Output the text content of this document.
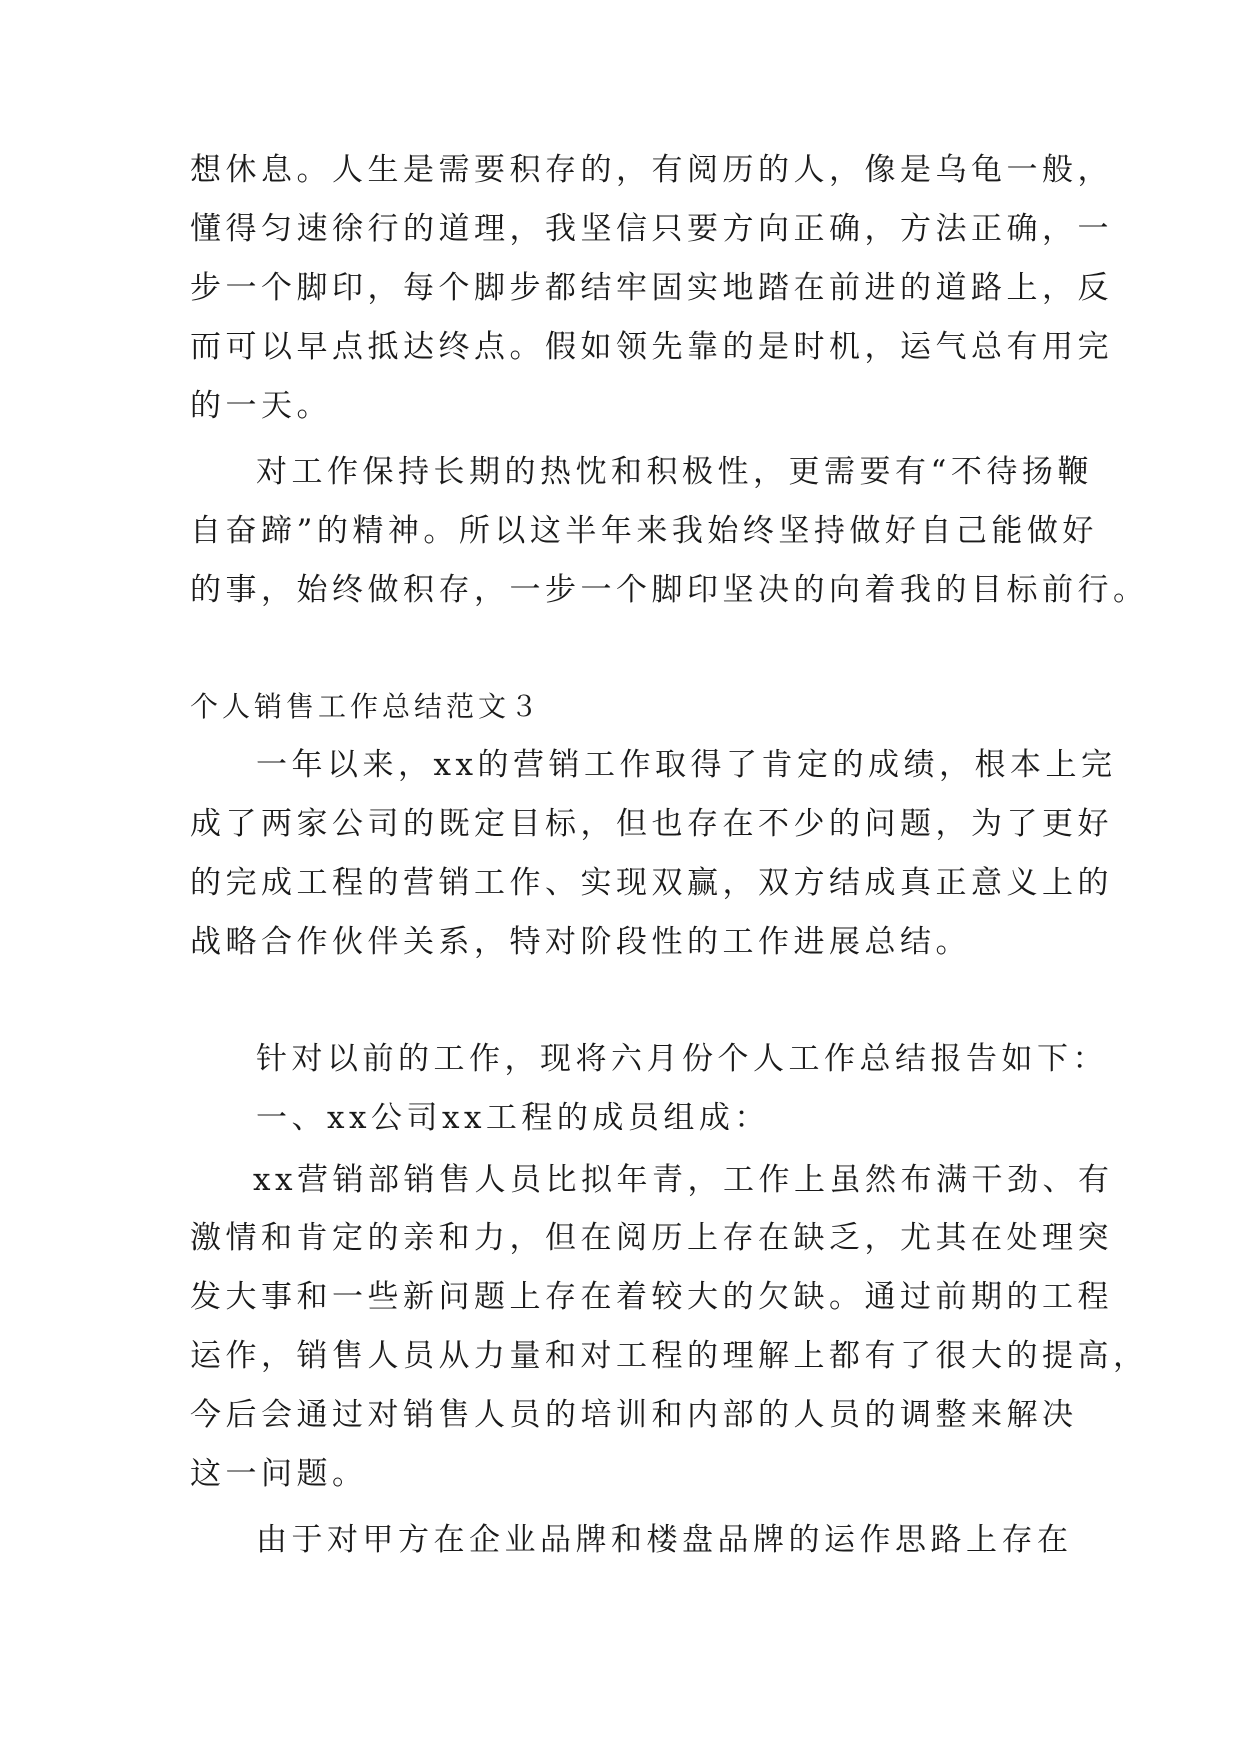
想休息。人生是需要积存的，有阅历的人，像是乌龟一般，
懂得匀速徐行的道理，我坚信只要方向正确，方法正确，一
步一个脚印，每个脚步都结牢固实地踏在前进的道路上，反
而可以早点抵达终点。假如领先靠的是时机，运气总有用完
的一天。
对工作保持长期的热忱和积极性，更需要有“不待扬鞭
自奋蹄”的精神。所以这半年来我始终坚持做好自己能做好
的事，始终做积存，一步一个脚印坚决的向着我的目标前行。
个人销售工作总结范文３
一年以来，xx的营销工作取得了肯定的成绩，根本上完
成了两家公司的既定目标，但也存在不少的问题，为了更好
的完成工程的营销工作、实现双赢，双方结成真正意义上的
战略合作伙伴关系，特对阶段性的工作进展总结。
针对以前的工作，现将六月份个人工作总结报告如下：
一、xx公司xx工程的成员组成：
xx营销部销售人员比拟年青，工作上虽然布满干劲、有
激情和肯定的亲和力，但在阅历上存在缺乏，尤其在处理突
发大事和一些新问题上存在着较大的欠缺。通过前期的工程
运作，销售人员从力量和对工程的理解上都有了很大的提高，
今后会通过对销售人员的培训和内部的人员的调整来解决
这一问题。
由于对甲方在企业品牌和楼盘品牌的运作思路上存在
